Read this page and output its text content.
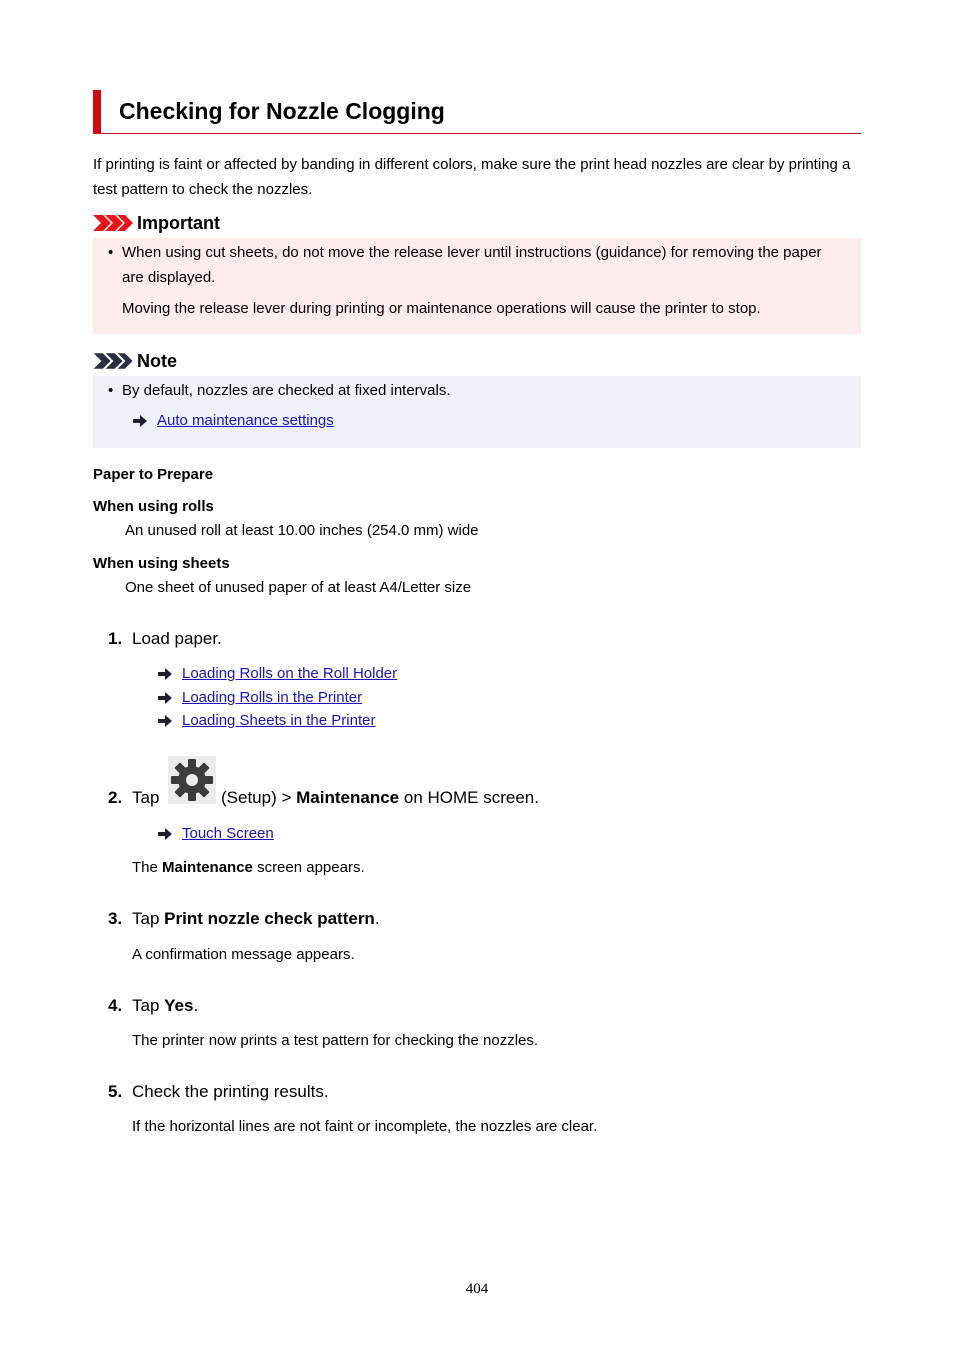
Checking for Nozzle Clogging
If printing is faint or affected by banding in different colors, make sure the print head nozzles are clear by printing a test pattern to check the nozzles.
Important
• When using cut sheets, do not move the release lever until instructions (guidance) for removing the paper are displayed.
Moving the release lever during printing or maintenance operations will cause the printer to stop.
Note
• By default, nozzles are checked at fixed intervals.
Auto maintenance settings
Paper to Prepare
When using rolls
An unused roll at least 10.00 inches (254.0 mm) wide
When using sheets
One sheet of unused paper of at least A4/Letter size
1. Load paper.
Loading Rolls on the Roll Holder
Loading Rolls in the Printer
Loading Sheets in the Printer
2. Tap	(Setup) > Maintenance on HOME screen.
Touch Screen
The Maintenance screen appears.
3. Tap Print nozzle check pattern.
A confirmation message appears.
4. Tap Yes.
The printer now prints a test pattern for checking the nozzles.
5. Check the printing results.
If the horizontal lines are not faint or incomplete, the nozzles are clear.
404
